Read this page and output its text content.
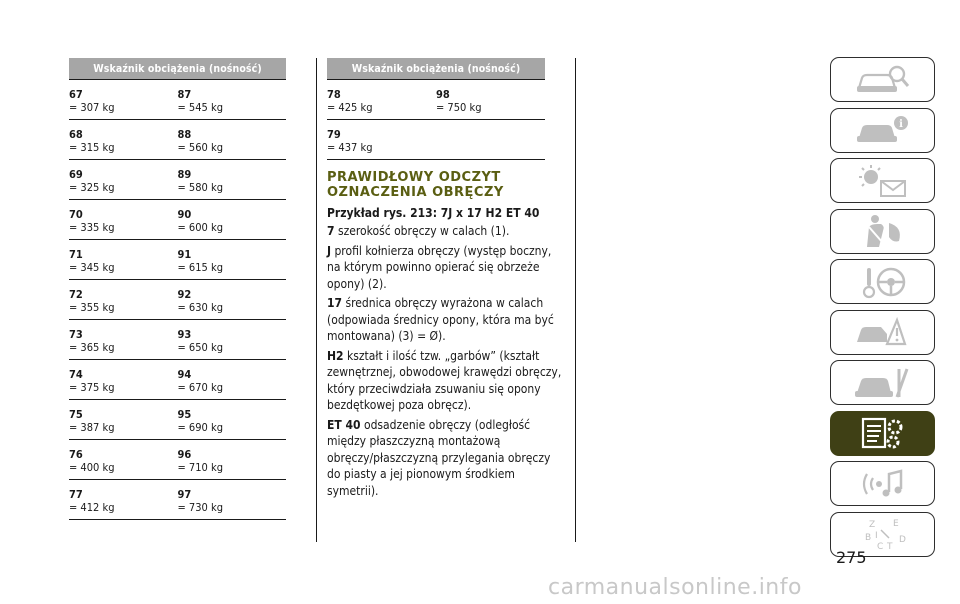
Wskaźnik obciążenia (nośność)
67
= 307 kg
87
= 545 kg
68
= 315 kg
88
= 560 kg
69
= 325 kg
89
= 580 kg
70
= 335 kg
90
= 600 kg
71
= 345 kg
91
= 615 kg
72
= 355 kg
92
= 630 kg
73
= 365 kg
93
= 650 kg
74
= 375 kg
94
= 670 kg
75
= 387 kg
95
= 690 kg
76
= 400 kg
96
= 710 kg
77
= 412 kg
97
= 730 kg
Wskaźnik obciążenia (nośność)
78
= 425 kg
98
= 750 kg
79
= 437 kg
PRAWIDŁOWY ODCZYT
OZNACZENIA OBRĘCZY
Przykład rys. 213: 7J x 17 H2 ET 40
7 szerokość obręczy w calach (1).
J profil kołnierza obręczy (występ boczny, na którym powinno opierać się obrzeże opony) (2).
17 średnica obręczy wyrażona w calach (odpowiada średnicy opony, która ma być montowana) (3) = Ø).
H2 kształt i ilość tzw. „garbów” (kształt zewnętrznej, obwodowej krawędzi obręczy, który przeciwdziała zsuwaniu się opony bezdętkowej poza obręcz).
ET 40 odsadzenie obręczy (odległość między płaszczyzną montażową obręczy/płaszczyzną przylegania obręczy do piasty a jej pionowym środkiem symetrii).
i
Z E
B
C T
D
I
275
carmanualsonline.info
